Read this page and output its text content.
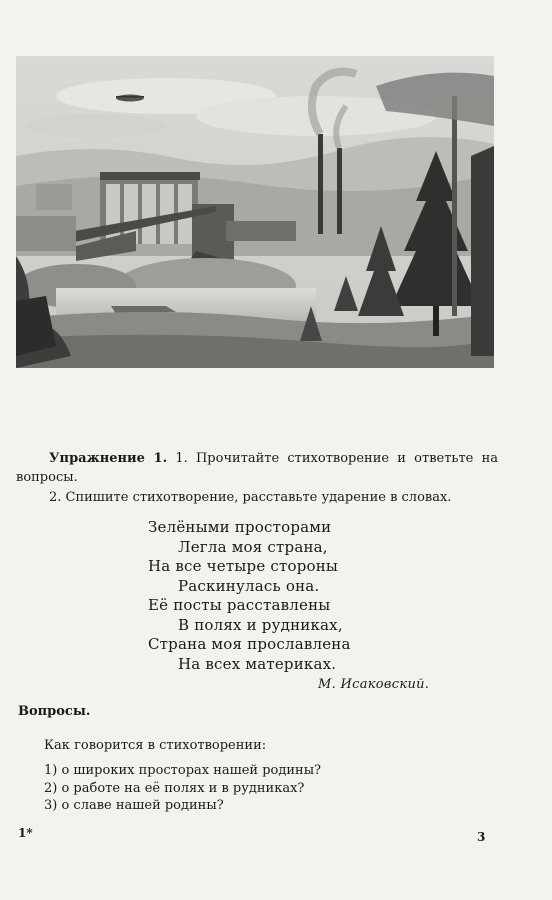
Упражнение 1. 1. Прочитайте стихотворение и ответьте на вопросы.

2. Спишите стихотворение, расставьте ударение в словах.

Зелёными просторами
Легла моя страна,
На все четыре стороны
Раскинулась она.
Её посты расставлены
В полях и рудниках,
Страна моя прославлена
На всех материках.
М. Исаковский.
Вопросы.
Как говорится в стихотворении:
1) о широких просторах нашей родины?
2) о работе на её полях и в рудниках?
3) о славе нашей родины?
1*	3
